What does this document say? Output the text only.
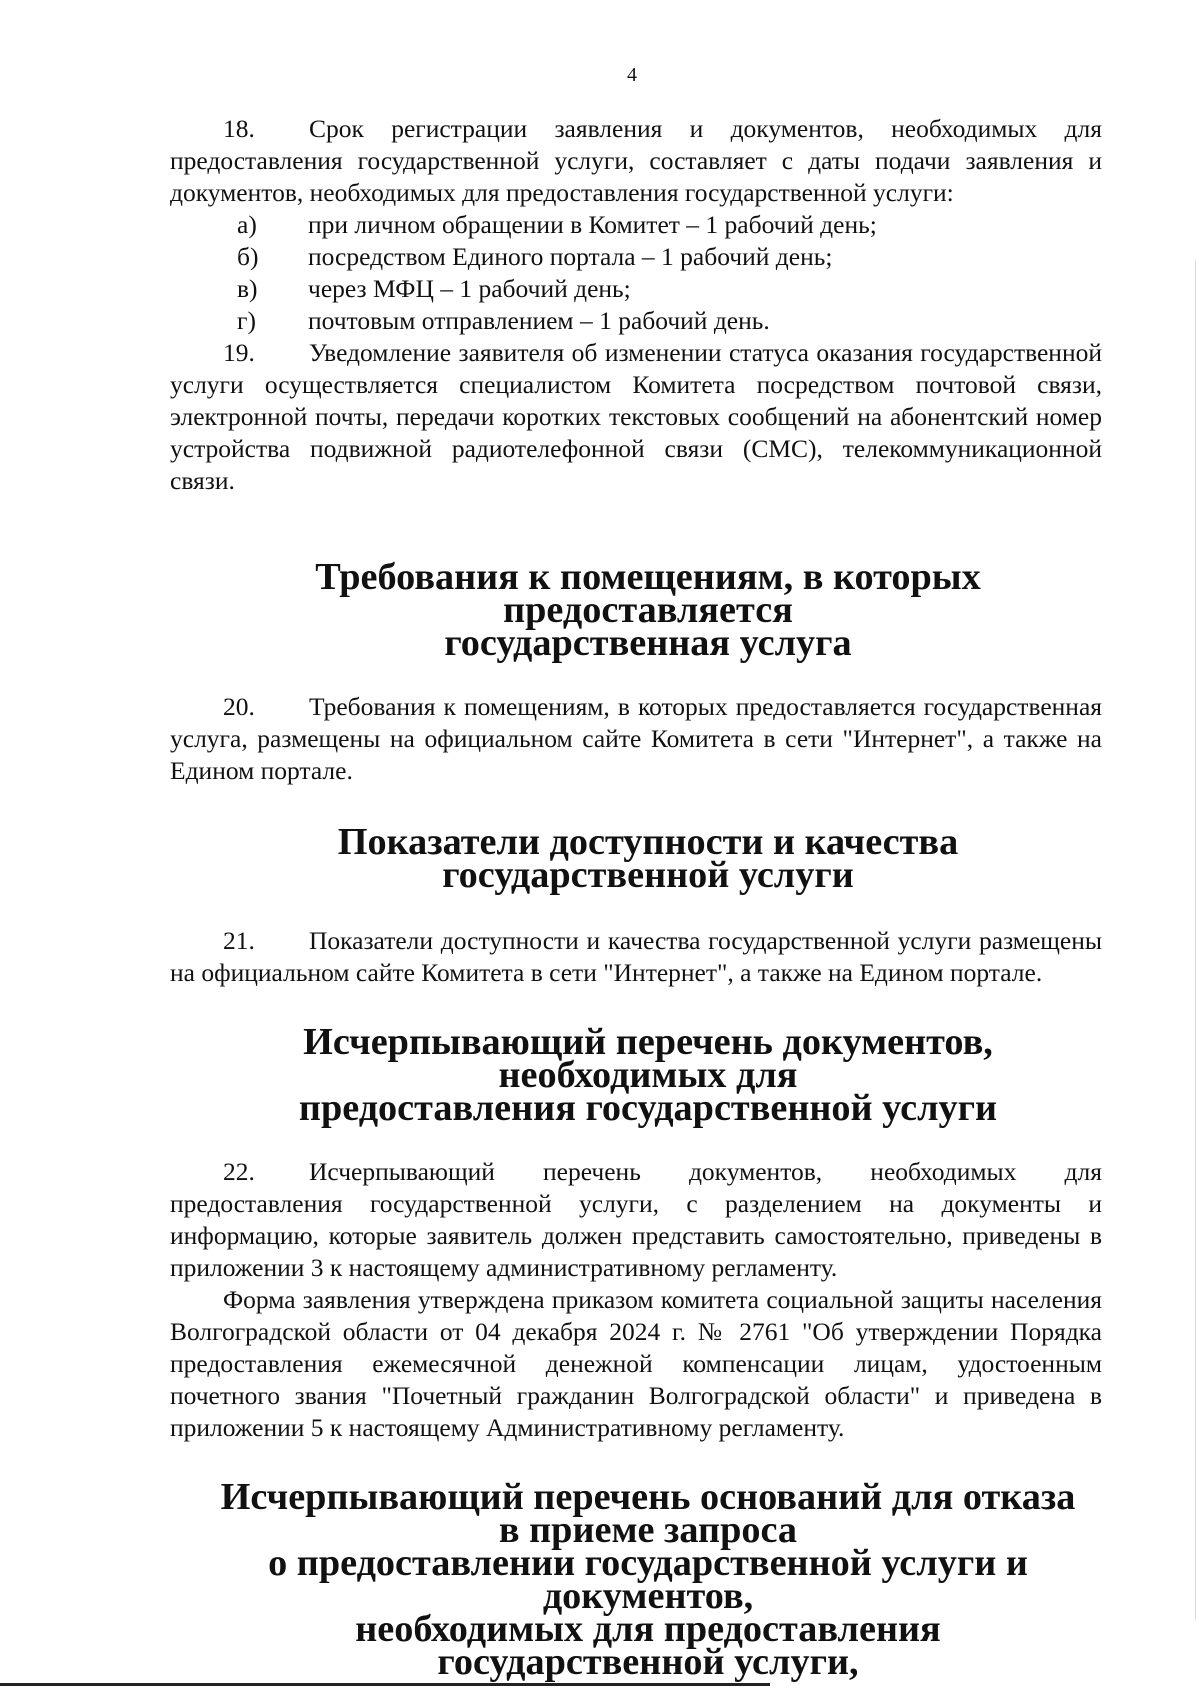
4

18. Срок регистрации заявления и документов, необходимых для предоставления государственной услуги, составляет с даты подачи заявления и документов, необходимых для предоставления государственной услуги:

а)	при личном обращении в Комитет – 1 рабочий день;

б)	посредством Единого портала – 1 рабочий день;

в)	через МФЦ – 1 рабочий день;

г)	почтовым отправлением – 1 рабочий день.

19. Уведомление заявителя об изменении статуса оказания государственной услуги осуществляется специалистом Комитета посредством почтовой связи, электронной почты, передачи коротких текстовых сообщений на абонентский номер устройства подвижной радиотелефонной связи (СМС), телекоммуникационной связи.

Требования к помещениям, в которых предоставляется
государственная услуга

20. Требования к помещениям, в которых предоставляется государственная услуга, размещены на официальном сайте Комитета в сети "Интернет", а также на Едином портале.

Показатели доступности и качества государственной услуги

21. Показатели доступности и качества государственной услуги размещены на официальном сайте Комитета в сети "Интернет", а также на Едином портале.

Исчерпывающий перечень документов, необходимых для
предоставления государственной услуги

22. Исчерпывающий перечень документов, необходимых для предоставления государственной услуги, с разделением на документы и информацию, которые заявитель должен представить самостоятельно, приведены в приложении 3 к настоящему административному регламенту.

Форма заявления утверждена приказом комитета социальной защиты населения Волгоградской области от 04 декабря 2024 г. № 2761 "Об утверждении Порядка предоставления ежемесячной денежной компенсации лицам, удостоенным почетного звания "Почетный гражданин Волгоградской области" и приведена в приложении 5 к настоящему Административному регламенту.

Исчерпывающий перечень оснований для отказа в приеме запроса
о предоставлении государственной услуги и документов,
необходимых для предоставления государственной услуги,
